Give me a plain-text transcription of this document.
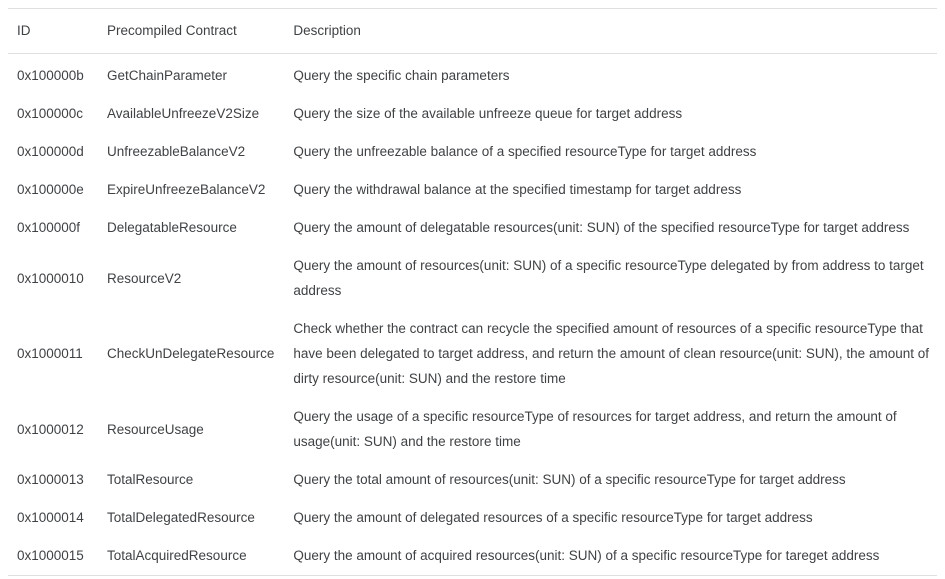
ID	Precompiled Contract	Description
0x100000b	GetChainParameter	Query the specific chain parameters
0x100000c	AvailableUnfreezeV2Size	Query the size of the available unfreeze queue for target address
0x100000d	UnfreezableBalanceV2	Query the unfreezable balance of a specified resourceType for target address
0x100000e	ExpireUnfreezeBalanceV2	Query the withdrawal balance at the specified timestamp for target address
0x100000f	DelegatableResource	Query the amount of delegatable resources(unit: SUN) of the specified resourceType for target address
0x1000010	ResourceV2	Query the amount of resources(unit: SUN) of a specific resourceType delegated by from address to target address
0x1000011	CheckUnDelegateResource	Check whether the contract can recycle the specified amount of resources of a specific resourceType that have been delegated to target address, and return the amount of clean resource(unit: SUN), the amount of dirty resource(unit: SUN) and the restore time
0x1000012	ResourceUsage	Query the usage of a specific resourceType of resources for target address, and return the amount of usage(unit: SUN) and the restore time
0x1000013	TotalResource	Query the total amount of resources(unit: SUN) of a specific resourceType for target address
0x1000014	TotalDelegatedResource	Query the amount of delegated resources of a specific resourceType for target address
0x1000015	TotalAcquiredResource	Query the amount of acquired resources(unit: SUN) of a specific resourceType for tareget address
